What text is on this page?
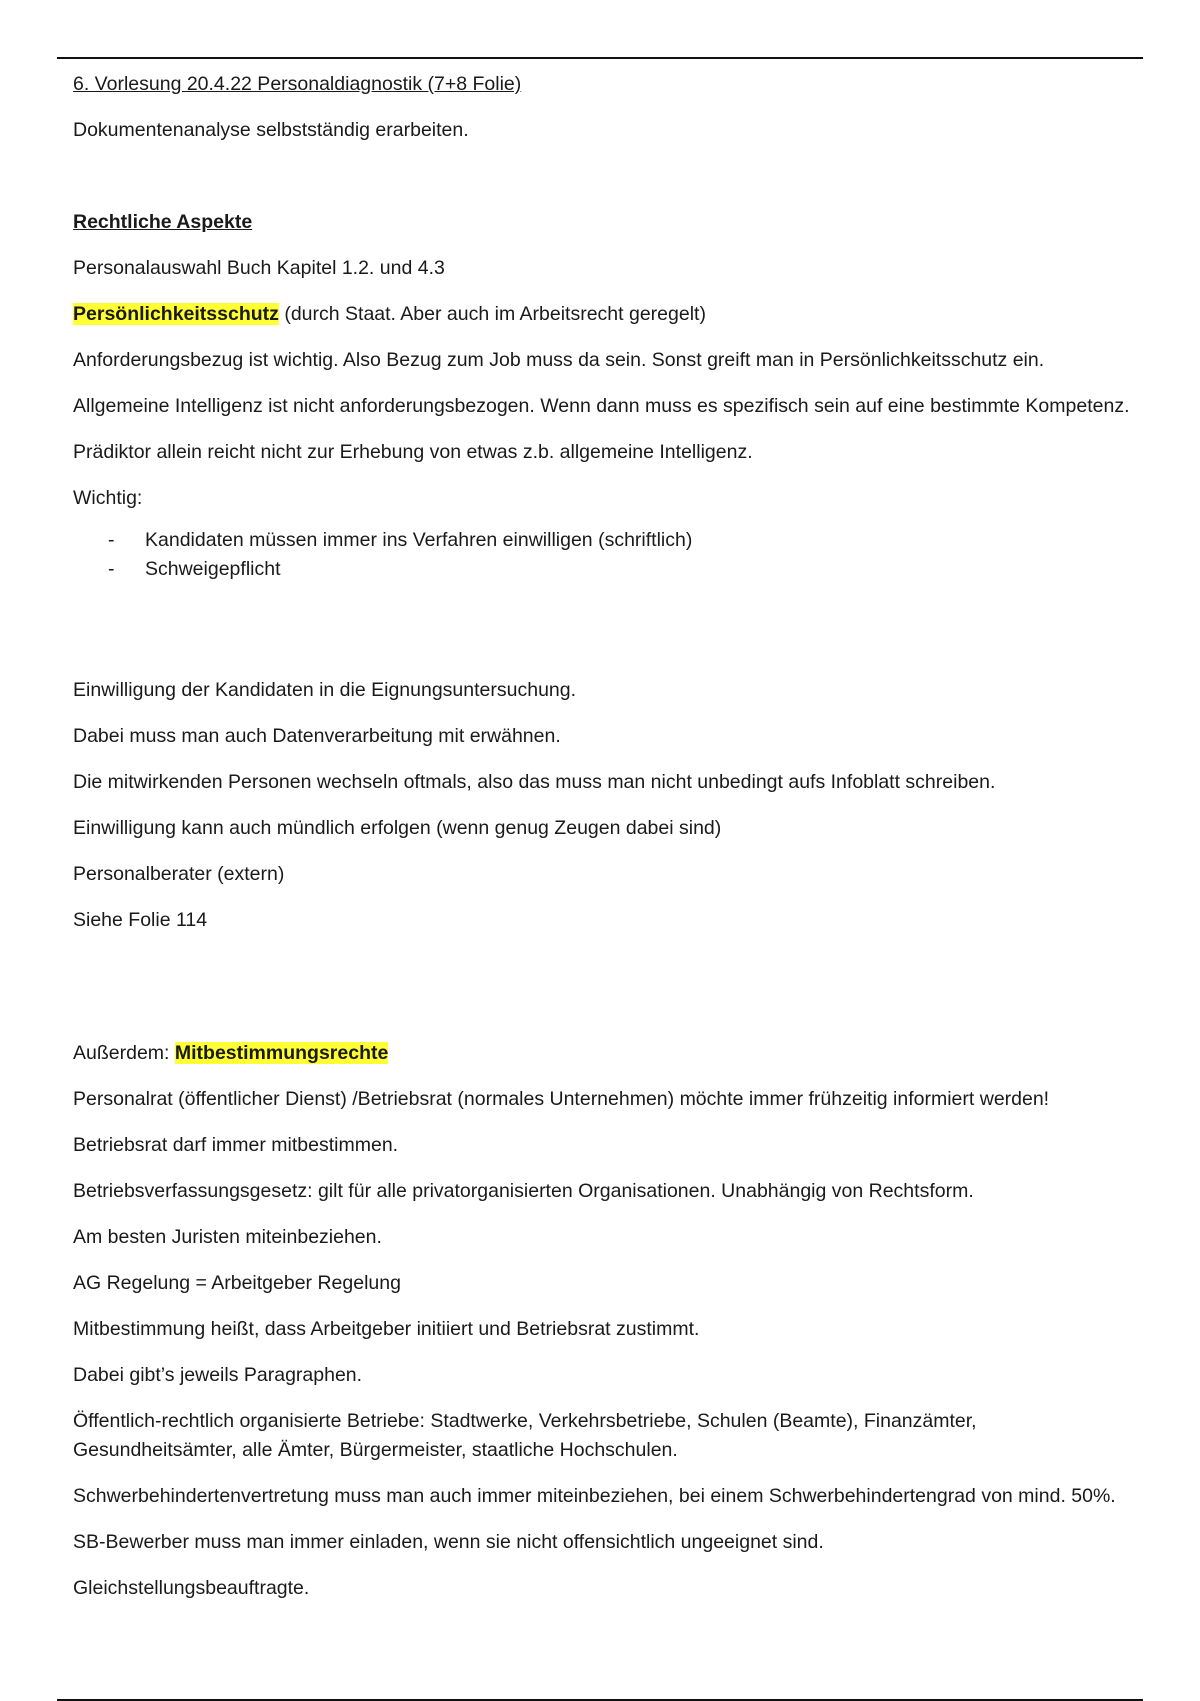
6. Vorlesung 20.4.22 Personaldiagnostik (7+8 Folie)

Dokumentenanalyse selbstständig erarbeiten.

Rechtliche Aspekte

Personalauswahl Buch Kapitel 1.2. und 4.3

Persönlichkeitsschutz (durch Staat. Aber auch im Arbeitsrecht geregelt)

Anforderungsbezug ist wichtig. Also Bezug zum Job muss da sein. Sonst greift man in Persönlichkeitsschutz ein.

Allgemeine Intelligenz ist nicht anforderungsbezogen. Wenn dann muss es spezifisch sein auf eine bestimmte Kompetenz.

Prädiktor allein reicht nicht zur Erhebung von etwas z.b. allgemeine Intelligenz.

Wichtig:

- Kandidaten müssen immer ins Verfahren einwilligen (schriftlich)
- Schweigepflicht

Einwilligung der Kandidaten in die Eignungsuntersuchung.

Dabei muss man auch Datenverarbeitung mit erwähnen.

Die mitwirkenden Personen wechseln oftmals, also das muss man nicht unbedingt aufs Infoblatt schreiben.

Einwilligung kann auch mündlich erfolgen (wenn genug Zeugen dabei sind)

Personalberater (extern)

Siehe Folie 114

Außerdem: Mitbestimmungsrechte

Personalrat (öffentlicher Dienst) /Betriebsrat (normales Unternehmen) möchte immer frühzeitig informiert werden!

Betriebsrat darf immer mitbestimmen.

Betriebsverfassungsgesetz: gilt für alle privatorganisierten Organisationen. Unabhängig von Rechtsform.

Am besten Juristen miteinbeziehen.

AG Regelung = Arbeitgeber Regelung

Mitbestimmung heißt, dass Arbeitgeber initiiert und Betriebsrat zustimmt.

Dabei gibt’s jeweils Paragraphen.

Öffentlich-rechtlich organisierte Betriebe: Stadtwerke, Verkehrsbetriebe, Schulen (Beamte), Finanzämter, Gesundheitsämter, alle Ämter, Bürgermeister, staatliche Hochschulen.

Schwerbehindertenvertretung muss man auch immer miteinbeziehen, bei einem Schwerbehindertengrad von mind. 50%.

SB-Bewerber muss man immer einladen, wenn sie nicht offensichtlich ungeeignet sind.

Gleichstellungsbeauftragte.
